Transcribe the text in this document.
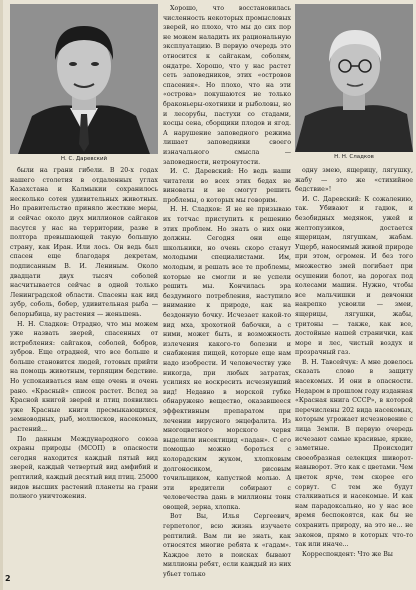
Н. С. Даревский	Н. Н. Сладков

были на грани гибели. В 20-х годах нашего столетия в отдаленных углах Казахстана и Калмыкии сохранилось несколько сотен удивительных животных. Но правительство приняло жесткие меры, и сейчас около двух миллионов сайгаков пасутся у нас на территории, разве в полтора превышающей такую большую страну, как Иран. Или лось. Он ведь был спасен еще благодаря декретам, подписанным В. И. Лениным. Около двадцати двух тысяч соболей насчитывается сейчас в одной только Ленинградской области. Спасены как вид зубр, соболь, бобер, удивительная рыба — белорыбица, ну растения — женьшень.

Н. Н. Сладков: Отрадно, что мы можем уже назвать зверей, спасенных от истребления: сайгаков, соболей, бобров, зубров. Еще отрадней, что все больше и больше становится людей, готовых прийти на помощь животным, терпящим бедствие. Но успокаиваться нам еще очень и очень рано. «Красный» список растет. Вслед за Красной книгой зверей и птиц появились уже Красные книги пресмыкающихся, земноводных, рыб, моллюсков, насекомых, растений...

По данным Международного союза охраны природы (МСОП) в опасности сегодня находится каждый пятый вид зверей, каждый четвертый вид амфибий и рептилий, каждый десятый вид птиц. 25000 видов высших растений планеты на грани полного уничтожения.

Хорошо, что восстановилась численность некоторых промысловых зверей, но плохо, что мы до сих пор не можем наладить их рациональную эксплуатацию. В первую очередь это относится к сайгакам, соболям, ондатре. Хорошо, что у нас растет сеть заповедников, этих «островов спасения». Но плохо, что на эти «острова» покушаются не только браконьеры-охотники и рыболовы, но и лесорубы, пастухи со стадами, косцы сена, сборщики плодов и ягод. А нарушение заповедного режима лишает заповедники своего изначального смысла — заповедности, нетронутости.

И. С. Даревский: Но ведь наши читатели во всех этих бедах не виноваты и не смогут решить проблемы, о которых мы говорим.

Н. Н. Сладков: Я не не призываю их тотчас приступить к решению этих проблем. Но знать о них они должны. Сегодня они еще школьники, но очень скоро станут молодыми специалистами. Им, молодым, и решать все те проблемы, которые не смогли и не успели решить мы. Кончилась эра бездумного потребления, наступило внимание к природе, как на бездонную бочку. Исчезает какой-то вид мха, хрохотной бабочки, а с ними, может быть, и возможность излечения какого-то болезни и снабжения пищей, которые еще нам надо изобрести. И человечеству уже никогда, при любых затратах, усилиях не воскресить исчезнувший вид! Недавно в морской губке обнаружено вещество, оказавшееся эффективным препаратом при лечении вирусного энцефалита. Из многоцветного морского червя выделили инсектицид «падан». С его помощью можно бороться с колорадским жуком, хлопковым долгоносиком, рисовым точильщиком, капустной молью. А эти вредители собирают с человечества дань в миллионы тонн овощей, зерна, хлопка.

Вот Вы, Илья Сергеевич, герпетолог, всю жизнь изучаете рептилий. Вам ли не знать, как относятся многие ребята к «гадам». Каждое лето в поисках бывают миллионы ребят, если каждый из них убьет только

одну змею, ящерицу, лягушку, жабу — это же «стихийное бедствие»!

И. С. Даревский: К сожалению, так. Убивают и гадюк, и безобидных медянок, ужей и желтопузиков, достается ящерицам, лягушкам, жабам. Ущерб, наносимый живой природе при этом, огромен. И без того множество змей погибает при осушении болот, на дорогах под колесами машин. Нужно, чтобы все мальчишки и девчонки накрепко усвоили — змеи, ящерицы, лягушки, жабы, тритоны — также, как все, достойные нашей странички, как море и лес, чистый воздух и прозрачный газ.

В. Н. Тавсейчук: А мне довелось сказать слово в защиту насекомых. И они в опасности. Недаром в прошлом году изданная «Красная книга СССР», в которой перечислены 202 вида насекомых, которым угрожает исчезновение с лица Земли. В первую очередь исчезают самые красивые, яркие, заметные. Происходит своеобразная селекция шиворот-навыворот. Это как с цветами. Чем цветок ярче, тем скорее его сорвут. С тем же будут сталкиваться и насекомые. И как нам парадоксально, но у нас все время беспокоятся, как бы не сохранить природу, на это не... не законов, прямо в которых что-то так или иначе...

Корреспондент: Что же Вы

2
